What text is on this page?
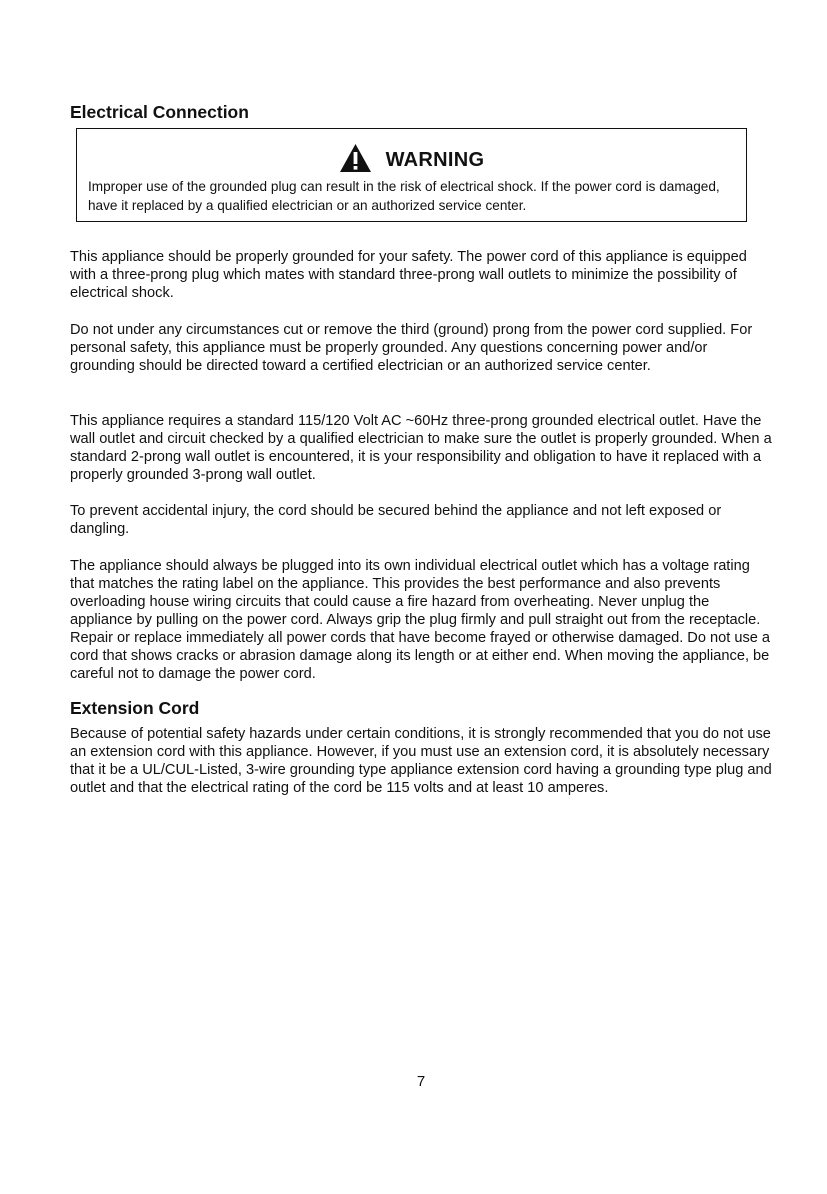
Electrical Connection
WARNING

Improper use of the grounded plug can result in the risk of electrical shock. If the power cord is damaged, have it replaced by a qualified electrician or an authorized service center.

This appliance should be properly grounded for your safety. The power cord of this appliance is equipped with a three-prong plug which mates with standard three-prong wall outlets to minimize the possibility of electrical shock.

Do not under any circumstances cut or remove the third (ground) prong from the power cord supplied. For personal safety, this appliance must be properly grounded. Any questions concerning power and/or grounding should be directed toward a certified electrician or an authorized service center.

This appliance requires a standard 115/120 Volt AC ~60Hz three-prong grounded electrical outlet. Have the wall outlet and circuit checked by a qualified electrician to make sure the outlet is properly grounded. When a standard 2-prong wall outlet is encountered, it is your responsibility and obligation to have it replaced with a properly grounded 3-prong wall outlet.

To prevent accidental injury, the cord should be secured behind the appliance and not left exposed or dangling.

The appliance should always be plugged into its own individual electrical outlet which has a voltage rating that matches the rating label on the appliance. This provides the best performance and also prevents overloading house wiring circuits that could cause a fire hazard from overheating. Never unplug the appliance by pulling on the power cord. Always grip the plug firmly and pull straight out from the receptacle. Repair or replace immediately all power cords that have become frayed or otherwise damaged. Do not use a cord that shows cracks or abrasion damage along its length or at either end. When moving the appliance, be careful not to damage the power cord.

Extension Cord

Because of potential safety hazards under certain conditions, it is strongly recommended that you do not use an extension cord with this appliance. However, if you must use an extension cord, it is absolutely necessary that it be a UL/CUL-Listed, 3-wire grounding type appliance extension cord having a grounding type plug and outlet and that the electrical rating of the cord be 115 volts and at least 10 amperes.

7
